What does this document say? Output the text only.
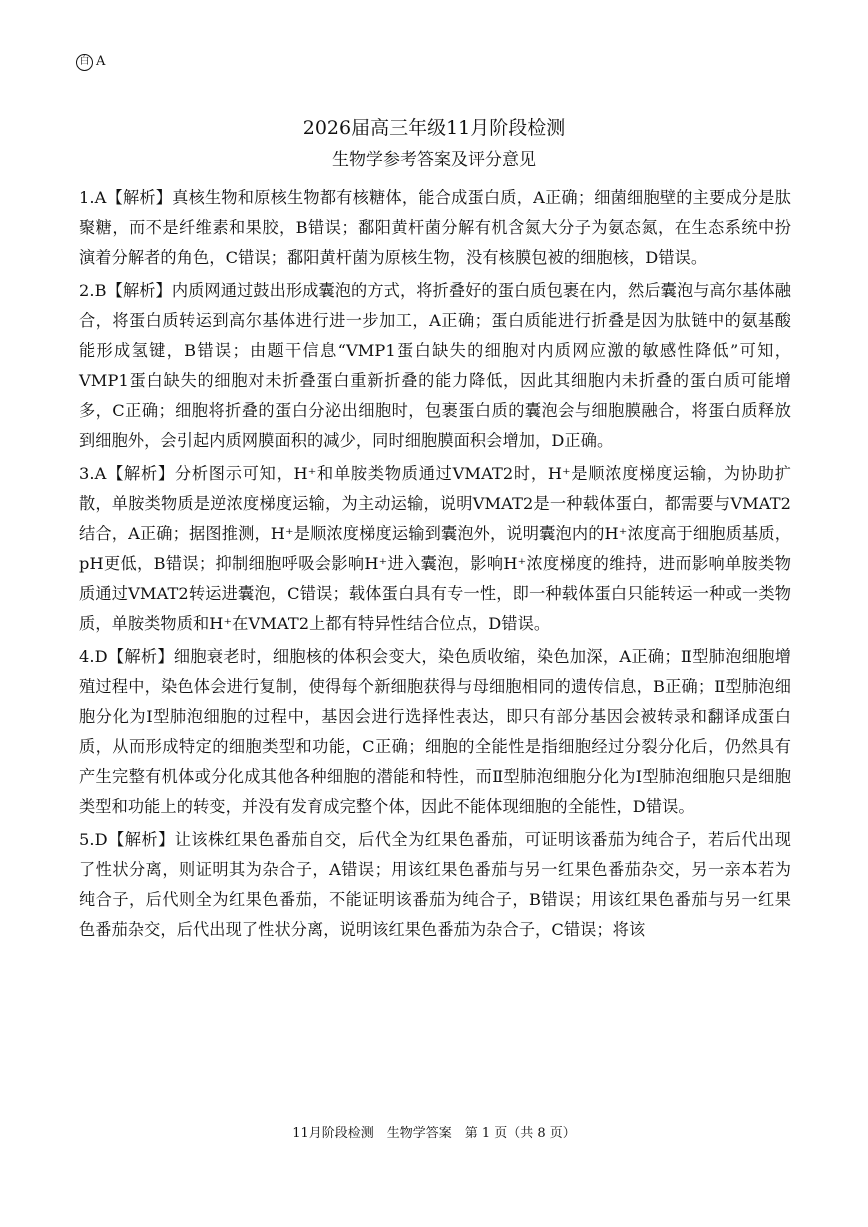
白 A
2026届高三年级11月阶段检测
生物学参考答案及评分意见

1.A【解析】真核生物和原核生物都有核糖体，能合成蛋白质，A正确；细菌细胞壁的主要成分是肽聚糖，而不是纤维素和果胶，B错误；鄱阳黄杆菌分解有机含氮大分子为氨态氮，在生态系统中扮演着分解者的角色，C错误；鄱阳黄杆菌为原核生物，没有核膜包被的细胞核，D错误。

2.B【解析】内质网通过鼓出形成囊泡的方式，将折叠好的蛋白质包裹在内，然后囊泡与高尔基体融合，将蛋白质转运到高尔基体进行进一步加工，A正确；蛋白质能进行折叠是因为肽链中的氨基酸能形成氢键，B错误；由题干信息“VMP1蛋白缺失的细胞对内质网应激的敏感性降低”可知，VMP1蛋白缺失的细胞对未折叠蛋白重新折叠的能力降低，因此其细胞内未折叠的蛋白质可能增多，C正确；细胞将折叠的蛋白分泌出细胞时，包裹蛋白质的囊泡会与细胞膜融合，将蛋白质释放到细胞外，会引起内质网膜面积的减少，同时细胞膜面积会增加，D正确。

3.A【解析】分析图示可知，H⁺和单胺类物质通过VMAT2时，H⁺是顺浓度梯度运输，为协助扩散，单胺类物质是逆浓度梯度运输，为主动运输，说明VMAT2是一种载体蛋白，都需要与VMAT2结合，A正确；据图推测，H⁺是顺浓度梯度运输到囊泡外，说明囊泡内的H⁺浓度高于细胞质基质，pH更低，B错误；抑制细胞呼吸会影响H⁺进入囊泡，影响H⁺浓度梯度的维持，进而影响单胺类物质通过VMAT2转运进囊泡，C错误；载体蛋白具有专一性，即一种载体蛋白只能转运一种或一类物质，单胺类物质和H⁺在VMAT2上都有特异性结合位点，D错误。

4.D【解析】细胞衰老时，细胞核的体积会变大，染色质收缩，染色加深，A正确；Ⅱ型肺泡细胞增殖过程中，染色体会进行复制，使得每个新细胞获得与母细胞相同的遗传信息，B正确；Ⅱ型肺泡细胞分化为Ⅰ型肺泡细胞的过程中，基因会进行选择性表达，即只有部分基因会被转录和翻译成蛋白质，从而形成特定的细胞类型和功能，C正确；细胞的全能性是指细胞经过分裂分化后，仍然具有产生完整有机体或分化成其他各种细胞的潜能和特性，而Ⅱ型肺泡细胞分化为Ⅰ型肺泡细胞只是细胞类型和功能上的转变，并没有发育成完整个体，因此不能体现细胞的全能性，D错误。

5.D【解析】让该株红果色番茄自交，后代全为红果色番茄，可证明该番茄为纯合子，若后代出现了性状分离，则证明其为杂合子，A错误；用该红果色番茄与另一红果色番茄杂交，另一亲本若为纯合子，后代则全为红果色番茄，不能证明该番茄为纯合子，B错误；用该红果色番茄与另一红果色番茄杂交，后代出现了性状分离，说明该红果色番茄为杂合子，C错误；将该

11月阶段检测　生物学答案　第 1 页（共 8 页）
